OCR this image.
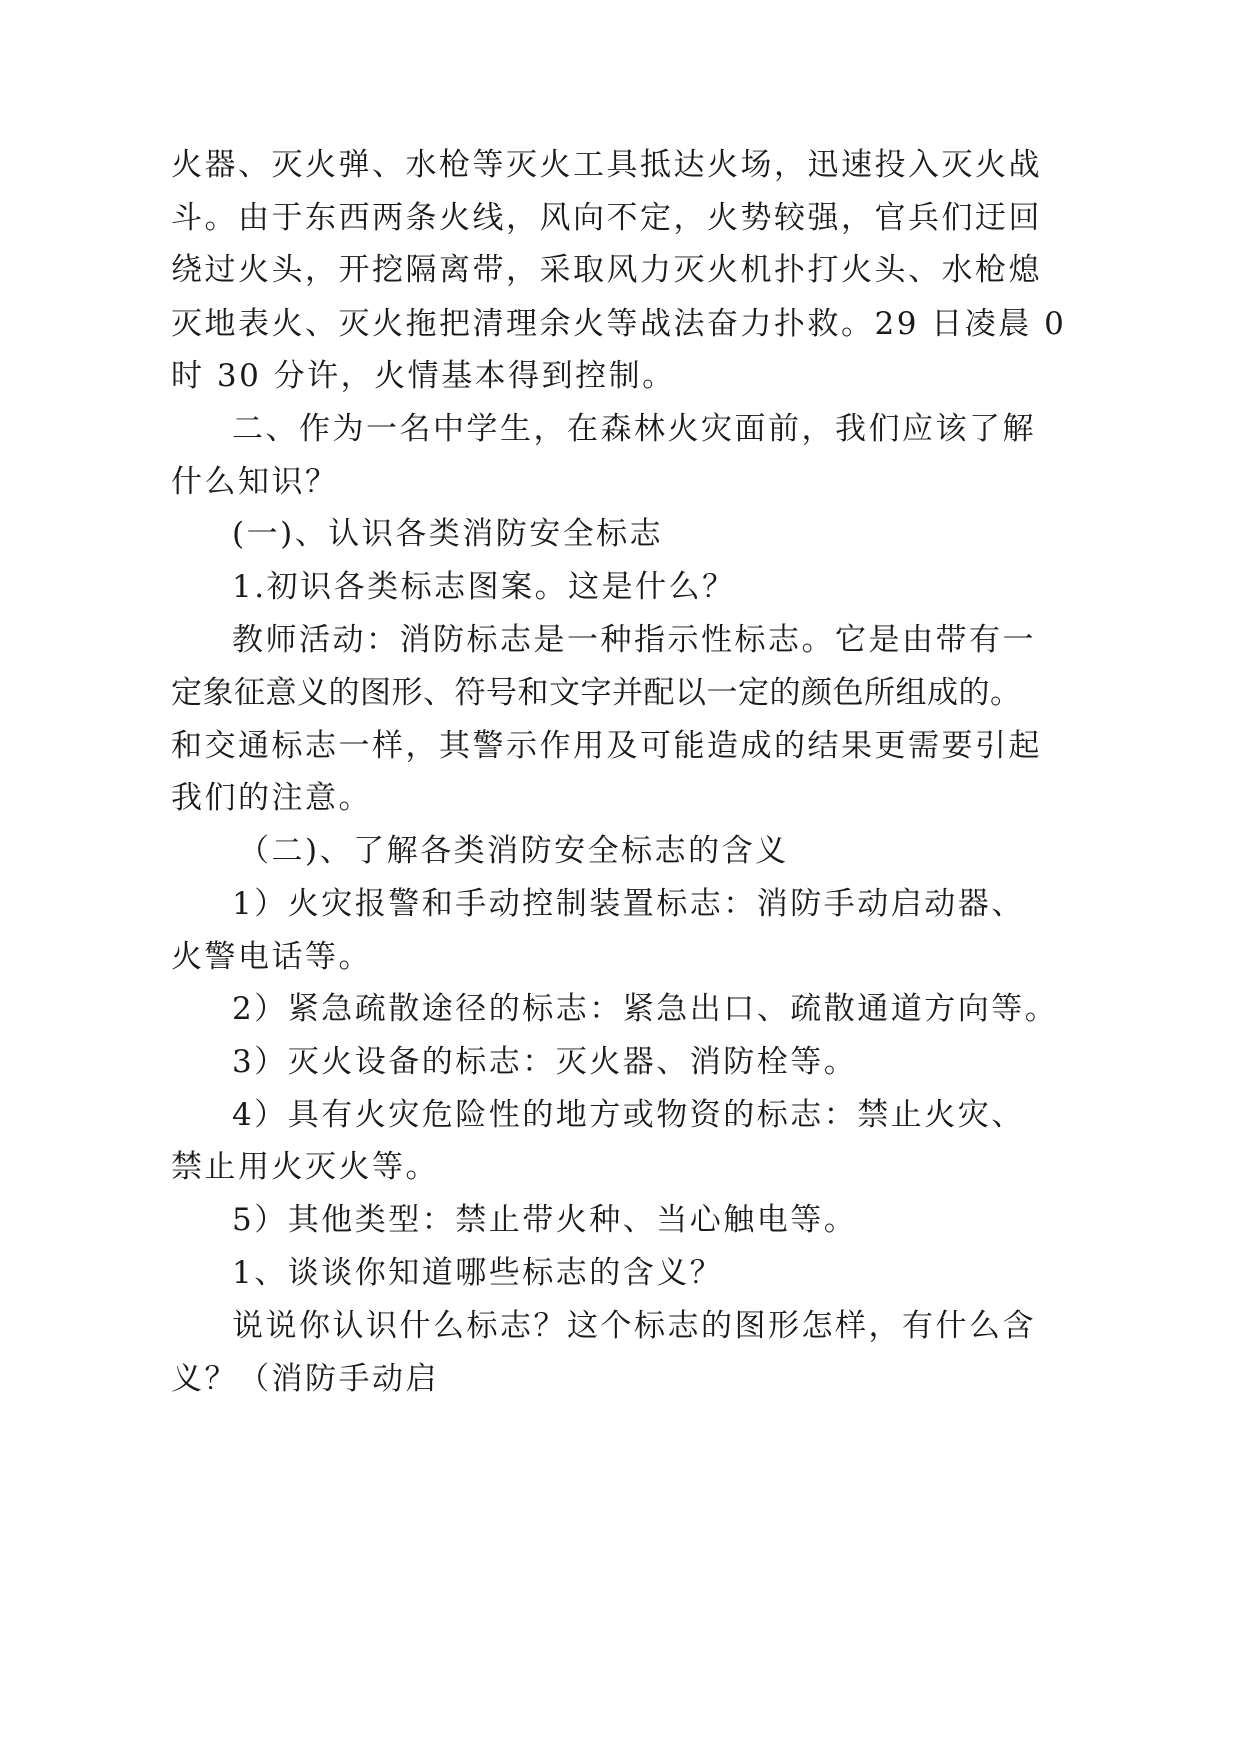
火器、灭火弹、水枪等灭火工具抵达火场，迅速投入灭火战
斗。由于东西两条火线，风向不定，火势较强，官兵们迂回
绕过火头，开挖隔离带，采取风力灭火机扑打火头、水枪熄
灭地表火、灭火拖把清理余火等战法奋力扑救。29 日凌晨 0
时 30 分许，火情基本得到控制。
二、作为一名中学生，在森林火灾面前，我们应该了解
什么知识？
(一)、认识各类消防安全标志
1.初识各类标志图案。这是什么？
教师活动：消防标志是一种指示性标志。它是由带有一
定象征意义的图形、符号和文字并配以一定的颜色所组成的。
和交通标志一样，其警示作用及可能造成的结果更需要引起
我们的注意。
（二)、了解各类消防安全标志的含义
1）火灾报警和手动控制装置标志：消防手动启动器、
火警电话等。
2）紧急疏散途径的标志：紧急出口、疏散通道方向等。
3）灭火设备的标志：灭火器、消防栓等。
4）具有火灾危险性的地方或物资的标志：禁止火灾、
禁止用火灭火等。
5）其他类型：禁止带火种、当心触电等。
1、谈谈你知道哪些标志的含义？
说说你认识什么标志？这个标志的图形怎样，有什么含
义？（消防手动启
